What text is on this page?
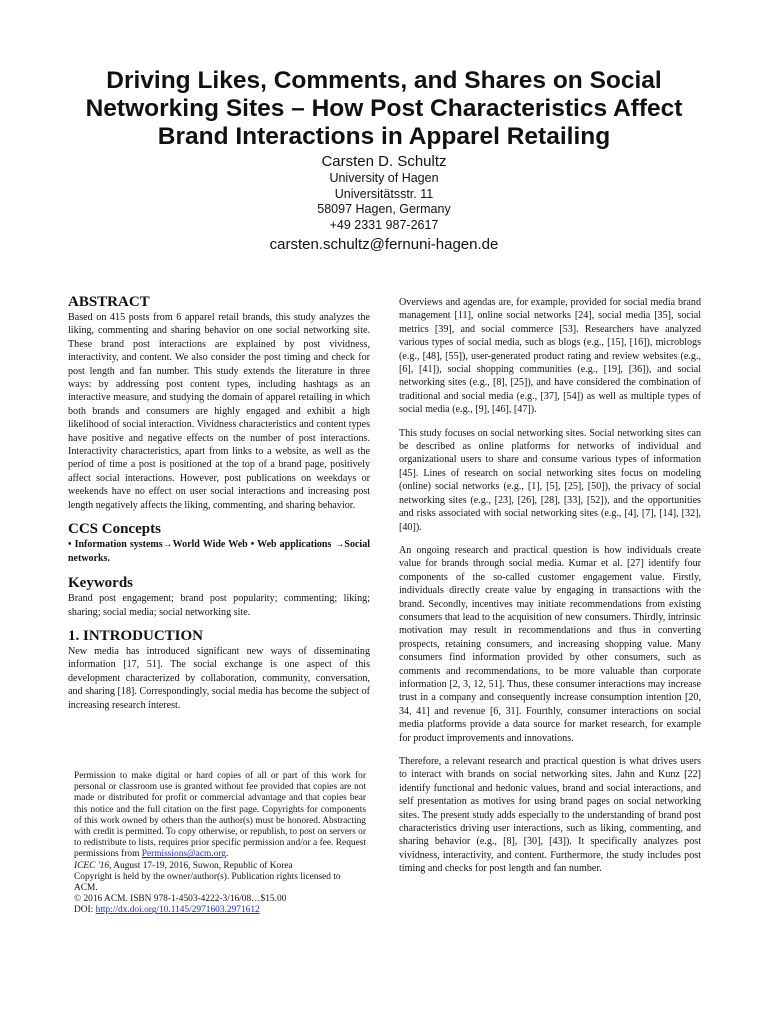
Driving Likes, Comments, and Shares on Social
Networking Sites – How Post Characteristics Affect
Brand Interactions in Apparel Retailing
Carsten D. Schultz
University of Hagen
Universitätsstr. 11
58097 Hagen, Germany
+49 2331 987-2617
carsten.schultz@fernuni-hagen.de
ABSTRACT

Based on 415 posts from 6 apparel retail brands, this study analyzes the liking, commenting and sharing behavior on one social networking site. These brand post interactions are explained by post vividness, interactivity, and content. We also consider the post timing and check for post length and fan number. This study extends the literature in three ways: by addressing post content types, including hashtags as an interactive measure, and studying the domain of apparel retailing in which both brands and consumers are highly engaged and exhibit a high likelihood of social interaction. Vividness characteristics and content types have positive and negative effects on the number of post interactions. Interactivity characteristics, apart from links to a website, as well as the period of time a post is positioned at the top of a brand page, positively affect social interactions. However, post publications on weekdays or weekends have no effect on user social interactions and increasing post length negatively affects the liking, commenting, and sharing behavior.

CCS Concepts

• Information systems→World Wide Web • Web applications →Social networks.

Keywords

Brand post engagement; brand post popularity; commenting; liking; sharing; social media; social networking site.

1. INTRODUCTION

New media has introduced significant new ways of disseminating information [17, 51]. The social exchange is one aspect of this development characterized by collaboration, community, conversation, and sharing [18]. Correspondingly, social media has become the subject of increasing research interest.

Permission to make digital or hard copies of all or part of this work for personal or classroom use is granted without fee provided that copies are not made or distributed for profit or commercial advantage and that copies bear this notice and the full citation on the first page. Copyrights for components of this work owned by others than the author(s) must be honored. Abstracting with credit is permitted. To copy otherwise, or republish, to post on servers or to redistribute to lists, requires prior specific permission and/or a fee. Request permissions from Permissions@acm.org.

ICEC '16, August 17-19, 2016, Suwon, Republic of Korea
Copyright is held by the owner/author(s). Publication rights licensed to ACM.
© 2016 ACM. ISBN 978-1-4503-4222-3/16/08…$15.00
DOI: http://dx.doi.org/10.1145/2971603.2971612

Overviews and agendas are, for example, provided for social media brand management [11], online social networks [24], social media [35], social metrics [39], and social commerce [53]. Researchers have analyzed various types of social media, such as blogs (e.g., [15], [16]), microblogs (e.g., [48], [55]), user-generated product rating and review websites (e.g., [6], [41]), social shopping communities (e.g., [19], [36]), and social networking sites (e.g., [8], [25]), and have considered the combination of traditional and social media (e.g., [37], [54]) as well as multiple types of social media (e.g., [9], [46], [47]).

This study focuses on social networking sites. Social networking sites can be described as online platforms for networks of individual and organizational users to share and consume various types of information [45]. Lines of research on social networking sites focus on modeling (online) social networks (e.g., [1], [5], [25], [50]), the privacy of social networking sites (e.g., [23], [26], [28], [33], [52]), and the opportunities and risks associated with social networking sites (e.g., [4], [7], [14], [32], [40]).

An ongoing research and practical question is how individuals create value for brands through social media. Kumar et al. [27] identify four components of the so-called customer engagement value. Firstly, individuals directly create value by engaging in transactions with the brand. Secondly, incentives may initiate recommendations from existing consumers that lead to the acquisition of new consumers. Thirdly, intrinsic motivation may result in recommendations and thus in converting prospects, retaining consumers, and increasing shopping value. Many consumers find information provided by other consumers, such as comments and recommendations, to be more valuable than corporate information [2, 3, 12, 51]. Thus, these consumer interactions may increase trust in a company and consequently increase consumption intention [20, 34, 41] and revenue [6, 31]. Fourthly, consumer interactions on social media platforms provide a data source for market research, for example for product improvements and innovations.

Therefore, a relevant research and practical question is what drives users to interact with brands on social networking sites. Jahn and Kunz [22] identify functional and hedonic values, brand and social interactions, and self presentation as motives for using brand pages on social networking sites. The present study adds especially to the understanding of brand post characteristics driving user interactions, such as liking, commenting, and sharing behavior (e.g., [8], [30], [43]). It specifically analyzes post vividness, interactivity, and content. Furthermore, the study includes post timing and checks for post length and fan number.
